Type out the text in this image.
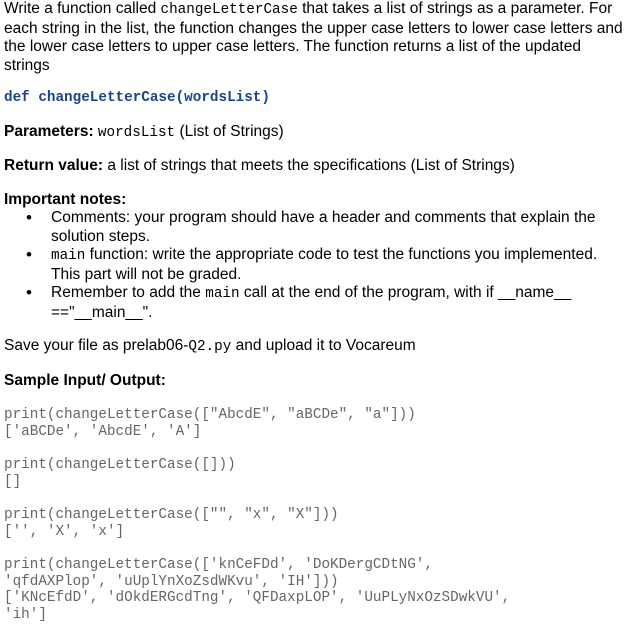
Write a function called changeLetterCase that takes a list of strings as a parameter. For each string in the list, the function changes the upper case letters to lower case letters and the lower case letters to upper case letters. The function returns a list of the updated strings

def changeLetterCase(wordsList)

Parameters: wordsList (List of Strings)

Return value: a list of strings that meets the specifications (List of Strings)

Important notes:

• Comments: your program should have a header and comments that explain the solution steps.
• main function: write the appropriate code to test the functions you implemented. This part will not be graded.
• Remember to add the main call at the end of the program, with if __name__ =="__main__".

Save your file as prelab06-Q2.py and upload it to Vocareum

Sample Input/ Output:

print(changeLetterCase(["AbcdE", "aBCDe", "a"]))
['aBCDe', 'AbcdE', 'A']
print(changeLetterCase([]))
[]
print(changeLetterCase(["", "x", "X"]))
['', 'X', 'x']
print(changeLetterCase(['knCeFDd', 'DoKDergCDtNG',
'qfdAXPlop', 'uUplYnXoZsdWKvu', 'IH']))
['KNcEfdD', 'dOkdERGcdTng', 'QFDaxpLOP', 'UuPLyNxOzSDwkVU',
'ih']
